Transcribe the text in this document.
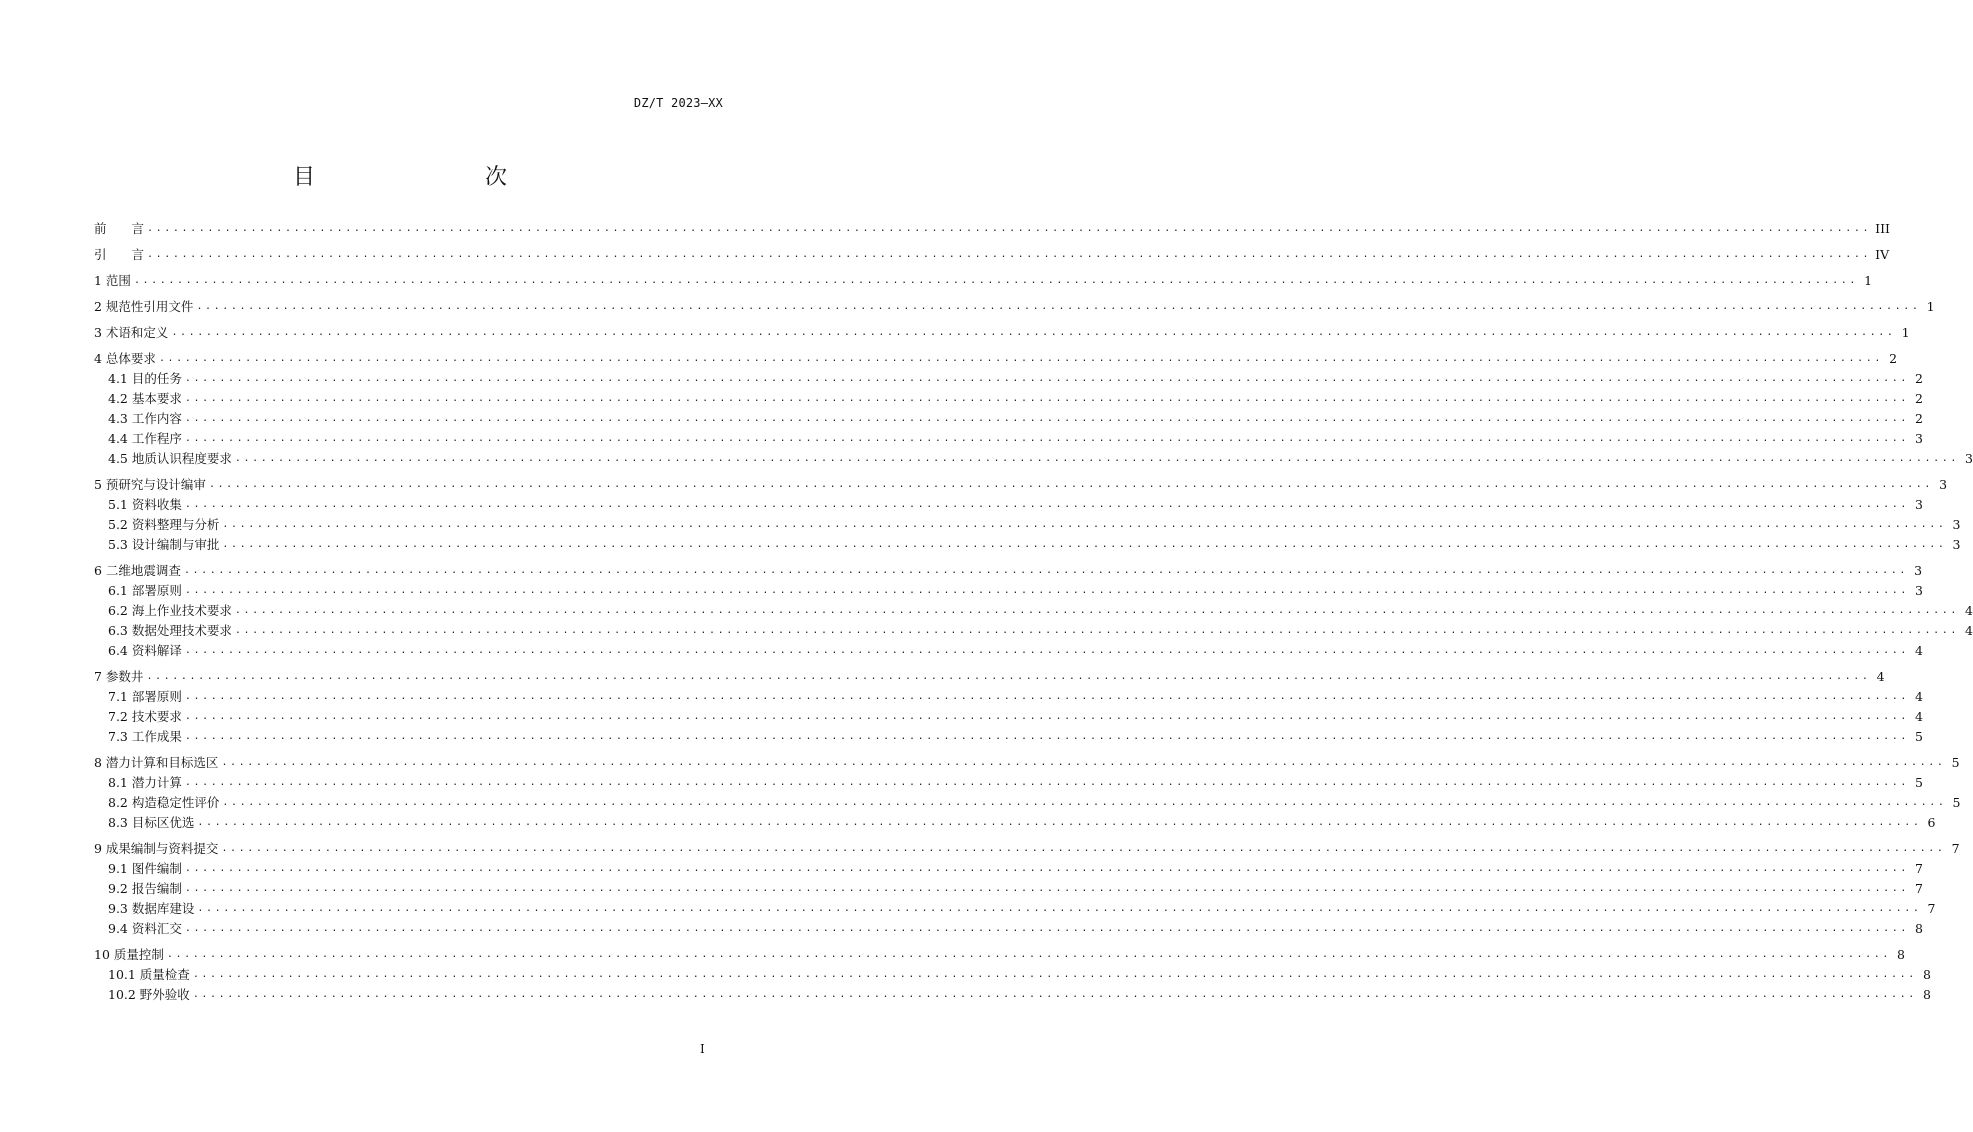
DZ/T 2023—XX
目　　次
前　　言 ........................................................................................................................................................................................................ III
引　　言 ........................................................................................................................................................................................................ IV
1 范围 ........................................................................................................................................................................................................ 1
2 规范性引用文件 ........................................................................................................................................................................................................ 1
3 术语和定义 ........................................................................................................................................................................................................ 1
4 总体要求 ........................................................................................................................................................................................................ 2
4.1 目的任务 ........................................................................................................................................................................................................ 2
4.2 基本要求 ........................................................................................................................................................................................................ 2
4.3 工作内容 ........................................................................................................................................................................................................ 2
4.4 工作程序 ........................................................................................................................................................................................................ 3
4.5 地质认识程度要求 ........................................................................................................................................................................................................ 3
5 预研究与设计编审 ........................................................................................................................................................................................................ 3
5.1 资料收集 ........................................................................................................................................................................................................ 3
5.2 资料整理与分析 ........................................................................................................................................................................................................ 3
5.3 设计编制与审批 ........................................................................................................................................................................................................ 3
6 二维地震调查 ........................................................................................................................................................................................................ 3
6.1 部署原则 ........................................................................................................................................................................................................ 3
6.2 海上作业技术要求 ........................................................................................................................................................................................................ 4
6.3 数据处理技术要求 ........................................................................................................................................................................................................ 4
6.4 资料解译 ........................................................................................................................................................................................................ 4
7 参数井 ........................................................................................................................................................................................................ 4
7.1 部署原则 ........................................................................................................................................................................................................ 4
7.2 技术要求 ........................................................................................................................................................................................................ 4
7.3 工作成果 ........................................................................................................................................................................................................ 5
8 潜力计算和目标选区 ........................................................................................................................................................................................................ 5
8.1 潜力计算 ........................................................................................................................................................................................................ 5
8.2 构造稳定性评价 ........................................................................................................................................................................................................ 5
8.3 目标区优选 ........................................................................................................................................................................................................ 6
9 成果编制与资料提交 ........................................................................................................................................................................................................ 7
9.1 图件编制 ........................................................................................................................................................................................................ 7
9.2 报告编制 ........................................................................................................................................................................................................ 7
9.3 数据库建设 ........................................................................................................................................................................................................ 7
9.4 资料汇交 ........................................................................................................................................................................................................ 8
10 质量控制 ........................................................................................................................................................................................................ 8
10.1 质量检查 ........................................................................................................................................................................................................ 8
10.2 野外验收 ........................................................................................................................................................................................................ 8
I
